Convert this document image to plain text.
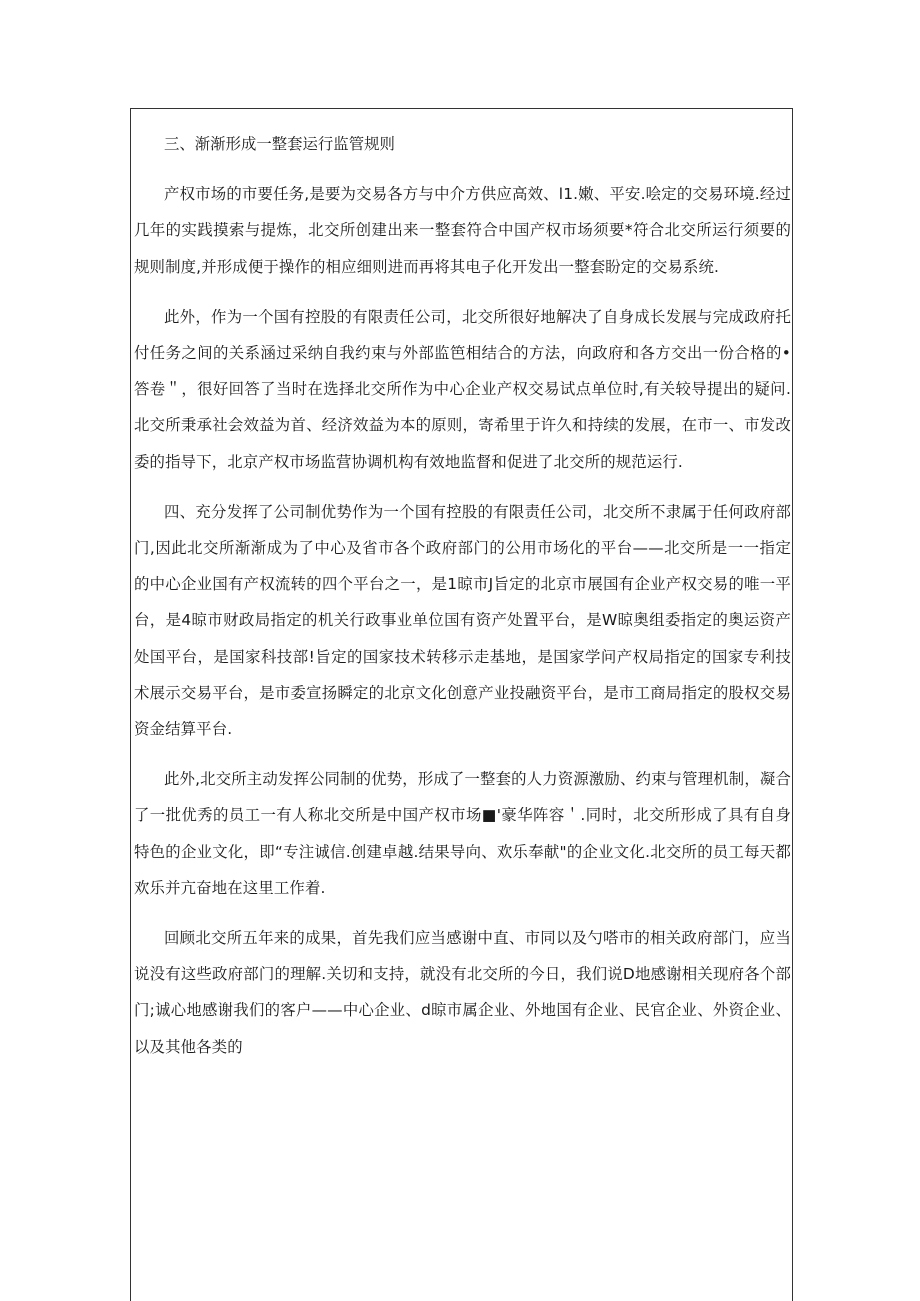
三、渐渐形成一整套运行监管规则

产权市场的市要任务,是要为交易各方与中介方供应高效、l1.嫩、平安.哙定的交易环境.经过几年的实践摸索与提炼，北交所创建出来一整套符合中国产权市场须要*符合北交所运行须要的规则制度,并形成便于操作的相应细则进而再将其电子化开发出一整套盼定的交易系统.

此外，作为一个国有控股的有限责任公司，北交所很好地解决了自身成长发展与完成政府托付任务之间的关系涵过采纳自我约束与外部监笆相结合的方法，向政府和各方交出一份合格的•答卷＂，很好回答了当时在选择北交所作为中心企业产权交易试点单位时,有关较导提出的疑问.北交所秉承社会效益为首、经济效益为本的原则，寄希里于许久和持续的发展，在市一、市发改委的指导下，北京产权市场监营协调机构有效地监督和促进了北交所的规范运行.

四、充分发挥了公司制优势作为一个国有控股的有限责任公司，北交所不隶属于任何政府部门,因此北交所渐渐成为了中心及省市各个政府部门的公用市场化的平台——北交所是一一指定的中心企业国有产权流转的四个平台之一，是1晾市J旨定的北京市展国有企业产权交易的唯一平台，是4晾市财政局指定的机关行政事业单位国有资产处置平台，是W晾奥组委指定的奥运资产处国平台，是国家科技部!旨定的国家技术转移示走基地，是国家学问产权局指定的国家专利技术展示交易平台，是市委宣扬瞬定的北京文化创意产业投融资平台，是市工商局指定的股权交易资金结算平台.

此外,北交所主动发挥公同制的优势，形成了一整套的人力资源激励、约束与管理机制，凝合了一批优秀的员工一有人称北交所是中国产权市场■'豪华阵容＇.同时，北交所形成了具有自身特色的企业文化，即“专注诚信.创建卓越.结果导向、欢乐奉献"的企业文化.北交所的员工每天都欢乐并亢奋地在这里工作着.

回顾北交所五年来的成果，首先我们应当感谢中直、市同以及勺嗒市的相关政府部门，应当说没有这些政府部门的理解.关切和支持，就没有北交所的今日，我们说D地感谢相关现府各个部门;诚心地感谢我们的客户——中心企业、d晾市属企业、外地国有企业、民官企业、外资企业、以及其他各类的
